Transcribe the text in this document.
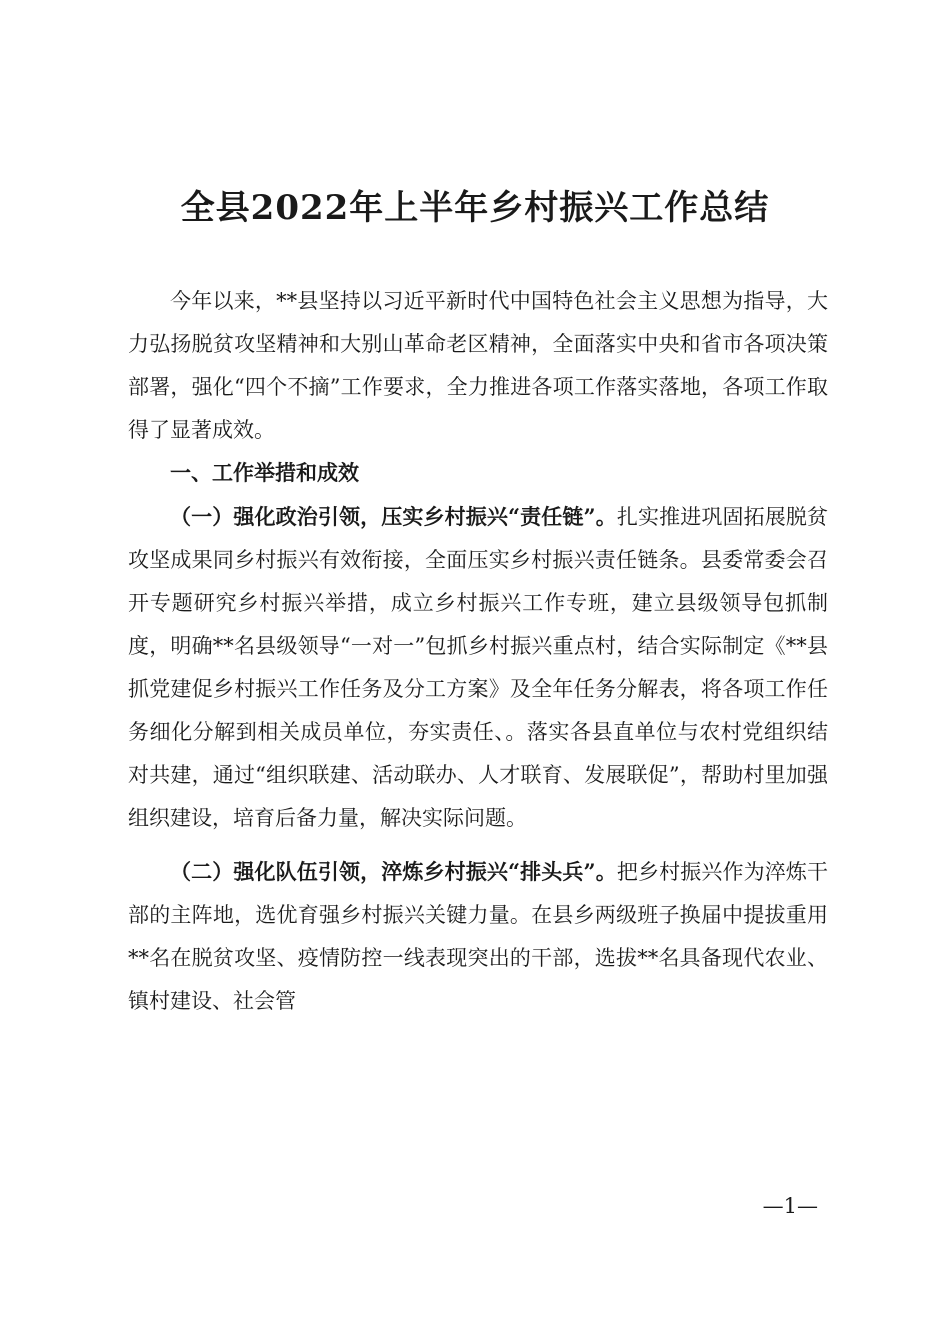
全县2022年上半年乡村振兴工作总结

今年以来，**县坚持以习近平新时代中国特色社会主义思想为指导，大力弘扬脱贫攻坚精神和大别山革命老区精神，全面落实中央和省市各项决策部署，强化“四个不摘”工作要求，全力推进各项工作落实落地，各项工作取得了显著成效。

一、工作举措和成效

（一）强化政治引领，压实乡村振兴“责任链”。扎实推进巩固拓展脱贫攻坚成果同乡村振兴有效衔接，全面压实乡村振兴责任链条。县委常委会召开专题研究乡村振兴举措，成立乡村振兴工作专班，建立县级领导包抓制度，明确**名县级领导“一对一”包抓乡村振兴重点村，结合实际制定《**县抓党建促乡村振兴工作任务及分工方案》及全年任务分解表，将各项工作任务细化分解到相关成员单位，夯实责任、。落实各县直单位与农村党组织结对共建，通过“组织联建、活动联办、人才联育、发展联促”，帮助村里加强组织建设，培育后备力量，解决实际问题。

（二）强化队伍引领，淬炼乡村振兴“排头兵”。把乡村振兴作为淬炼干部的主阵地，选优育强乡村振兴关键力量。在县乡两级班子换届中提拔重用**名在脱贫攻坚、疫情防控一线表现突出的干部，选拔**名具备现代农业、镇村建设、社会管

—1—
